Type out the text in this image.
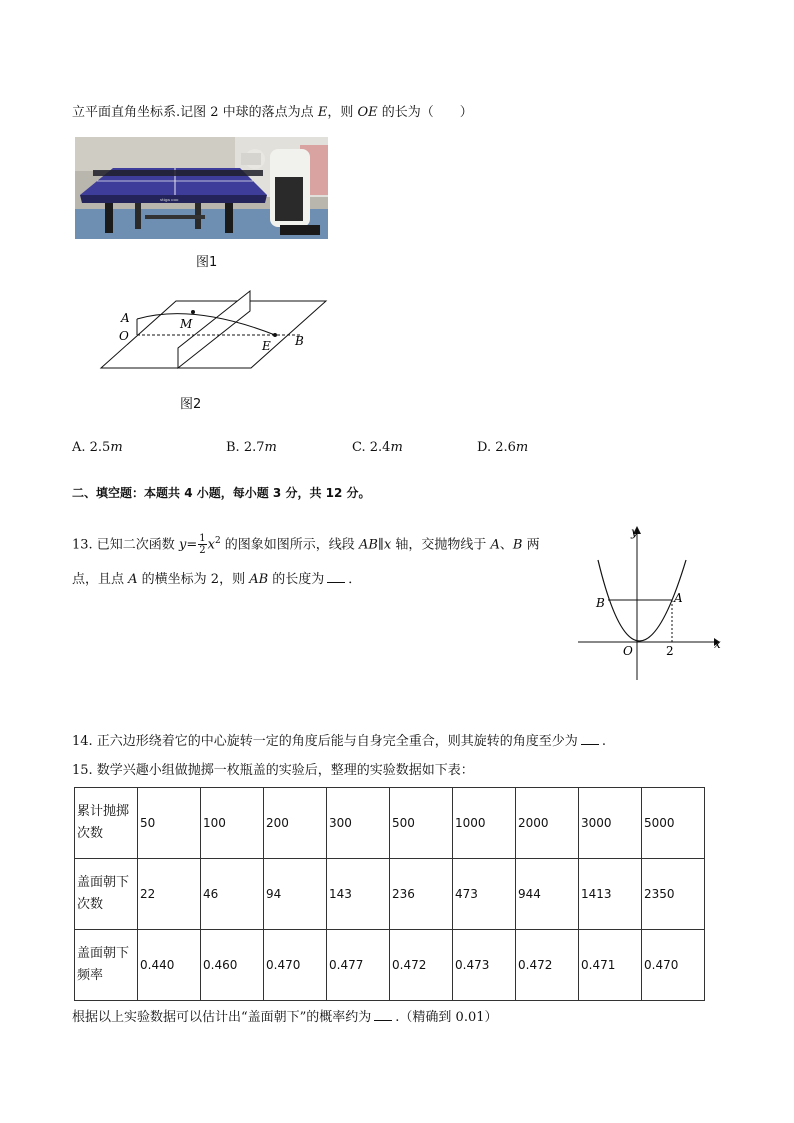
立平面直角坐标系.记图 2 中球的落点为点 E，则 OE 的长为（　　）
stiga ooo
图1
A
O
M
E B
图2
A. 2.5m	B. 2.7m	C. 2.4m	D. 2.6m
二、填空题：本题共 4 小题，每小题 3 分，共 12 分。
13. 已知二次函数 $y= \frac{1}{2} x^2$ 的图象如图所示，线段 AB∥x 轴，交抛物线于 A、B 两
点，且点 A 的横坐标为 2，则 AB 的长度为 ．
y
x
B	A
O	2
14. 正六边形绕着它的中心旋转一定的角度后能与自身完全重合，则其旋转的角度至少为 .
15. 数学兴趣小组做抛掷一枚瓶盖的实验后，整理的实验数据如下表：
累计抛掷
次数	50	100	200	300	500	1000	2000	3000	5000
盖面朝下
次数	22	46	94	143	236	473	944	1413	2350
盖面朝下
频率	0.440	0.460	0.470	0.477	0.472	0.473	0.472	0.471	0.470
根据以上实验数据可以估计出“盖面朝下”的概率约为 .（精确到 0.01）
